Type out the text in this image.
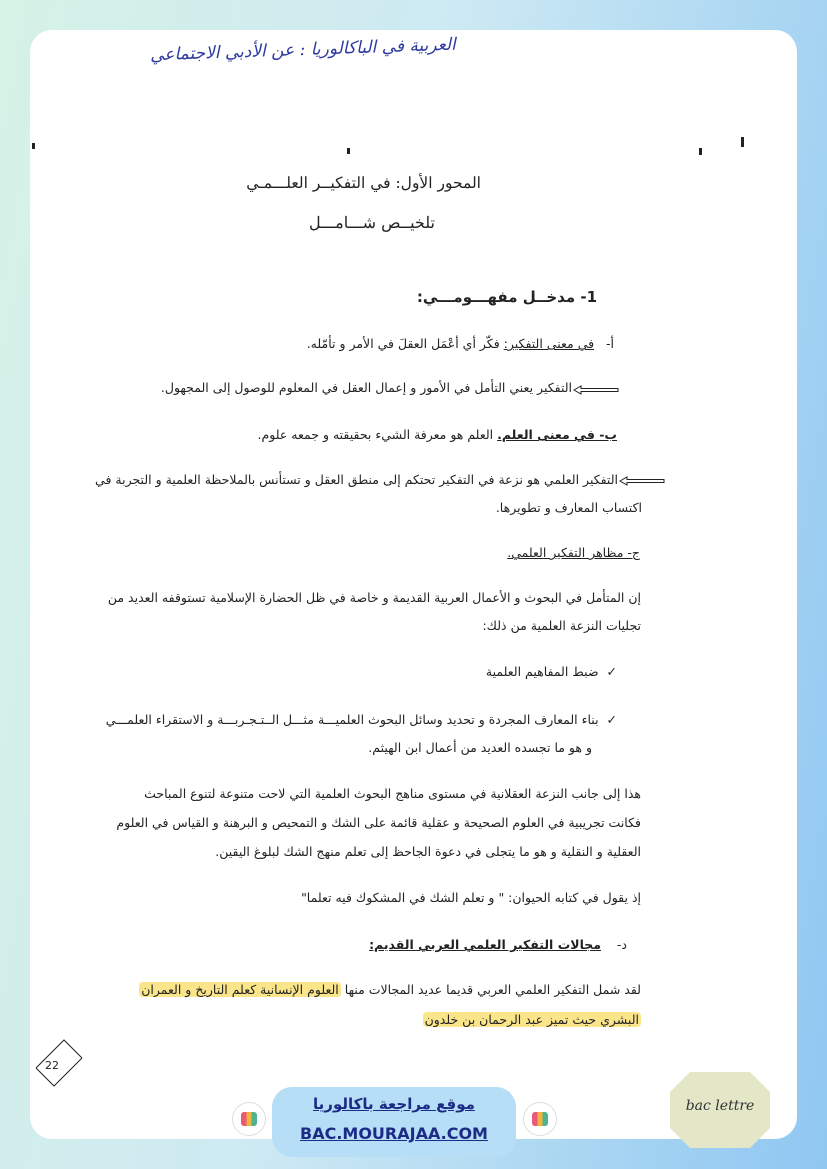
العربية في الباكالوريا : عن الأدبي الاجتماعي
المحور الأول: في التفكيــر العلـــمـي
تلخيــص شـــامـــل
1- مدخــل مفهـــومـــي:
أ-   في معنى التفكير: فكّر أي أعْمَل العقلَ في الأمر و تأمّله.
التفكير يعني التأمل في الأمور و إعمال العقل في المعلوم للوصول إلى المجهول.
ب- في معنى العلم. العلم هو معرفة الشيء بحقيقته و جمعه علوم.
التفكير العلمي هو نزعة في التفكير تحتكم إلى منطق العقل و تستأنس بالملاحظة العلمية و التجربة في
اكتساب المعارف و تطويرها.
ج- مظاهر التفكير العلمي.
إن المتأمل في البحوث و الأعمال العربية القديمة و خاصة في ظل الحضارة الإسلامية تستوقفه العديد من
تجليات النزعة العلمية من ذلك:
✓  ضبط المفاهيم العلمية
✓  بناء المعارف المجردة و تحديد وسائل البحوث العلميـــة مثـــل الــتـجـربـــة و الاستقراء العلمـــي
و هو ما تجسده العديد من أعمال ابن الهيثم.
هذا إلى جانب النزعة العقلانية في مستوى مناهج البحوث العلمية التي لاحت متنوعة لتنوع المباحث
فكانت تجريبية في العلوم الصحيحة و عقلية قائمة على الشك و التمحيص و البرهنة و القياس في العلوم
العقلية و النقلية و هو ما يتجلى في دعوة الجاحظ إلى تعلم منهج الشك لبلوغ اليقين.
إذ يقول في كتابه الحيوان: " و تعلم الشك في المشكوك فيه تعلما"
د-    مجالات التفكير العلمي العربي القديم:
لقد شمل التفكير العلمي العربي قديما عديد المجالات منها العلوم الإنسانية كعلم التاريخ و العمران
البشري حيث تميز عبد الرحمان بن خلدون
22
bac lettre
موقع مراجعة باكالوريا
BAC.MOURAJAA.COM
